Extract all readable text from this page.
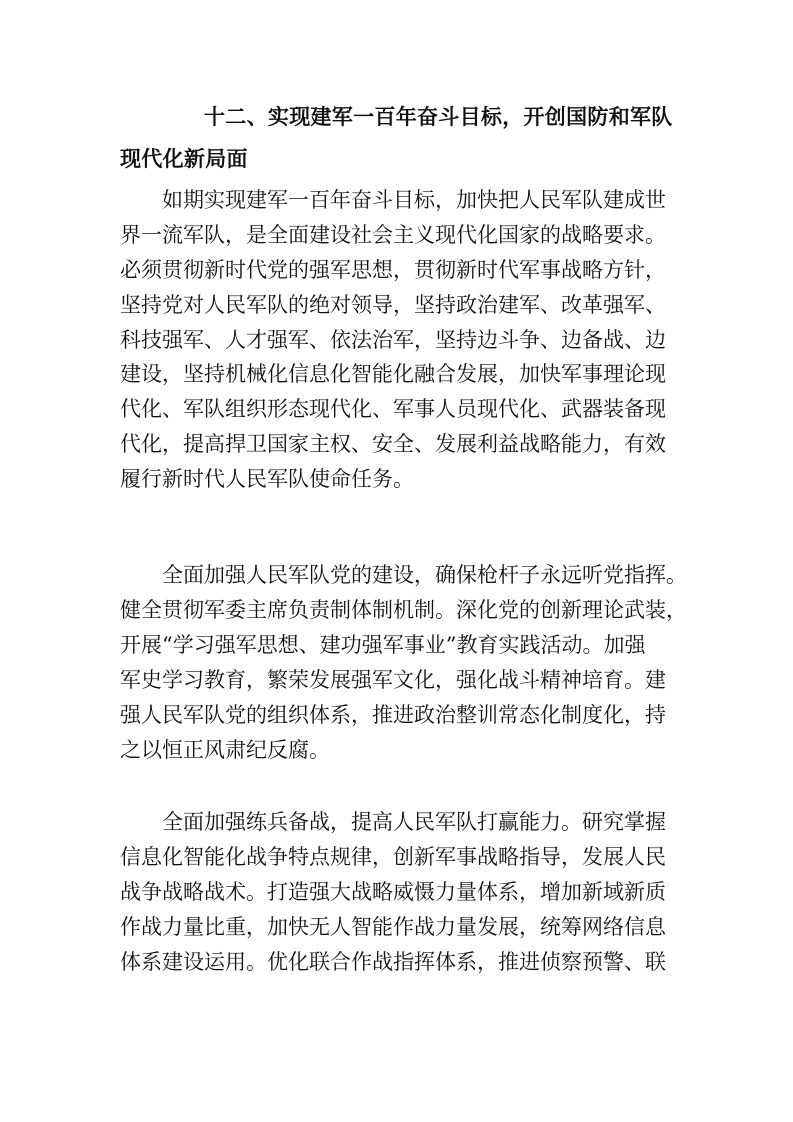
十二、实现建军一百年奋斗目标，开创国防和军队
现代化新局面

如期实现建军一百年奋斗目标，加快把人民军队建成世
界一流军队，是全面建设社会主义现代化国家的战略要求。
必须贯彻新时代党的强军思想，贯彻新时代军事战略方针，
坚持党对人民军队的绝对领导，坚持政治建军、改革强军、
科技强军、人才强军、依法治军，坚持边斗争、边备战、边
建设，坚持机械化信息化智能化融合发展，加快军事理论现
代化、军队组织形态现代化、军事人员现代化、武器装备现
代化，提高捍卫国家主权、安全、发展利益战略能力，有效
履行新时代人民军队使命任务。

全面加强人民军队党的建设，确保枪杆子永远听党指挥。
健全贯彻军委主席负责制体制机制。深化党的创新理论武装，
开展“学习强军思想、建功强军事业”教育实践活动。加强
军史学习教育，繁荣发展强军文化，强化战斗精神培育。建
强人民军队党的组织体系，推进政治整训常态化制度化，持
之以恒正风肃纪反腐。

全面加强练兵备战，提高人民军队打赢能力。研究掌握
信息化智能化战争特点规律，创新军事战略指导，发展人民
战争战略战术。打造强大战略威慑力量体系，增加新域新质
作战力量比重，加快无人智能作战力量发展，统筹网络信息
体系建设运用。优化联合作战指挥体系，推进侦察预警、联
